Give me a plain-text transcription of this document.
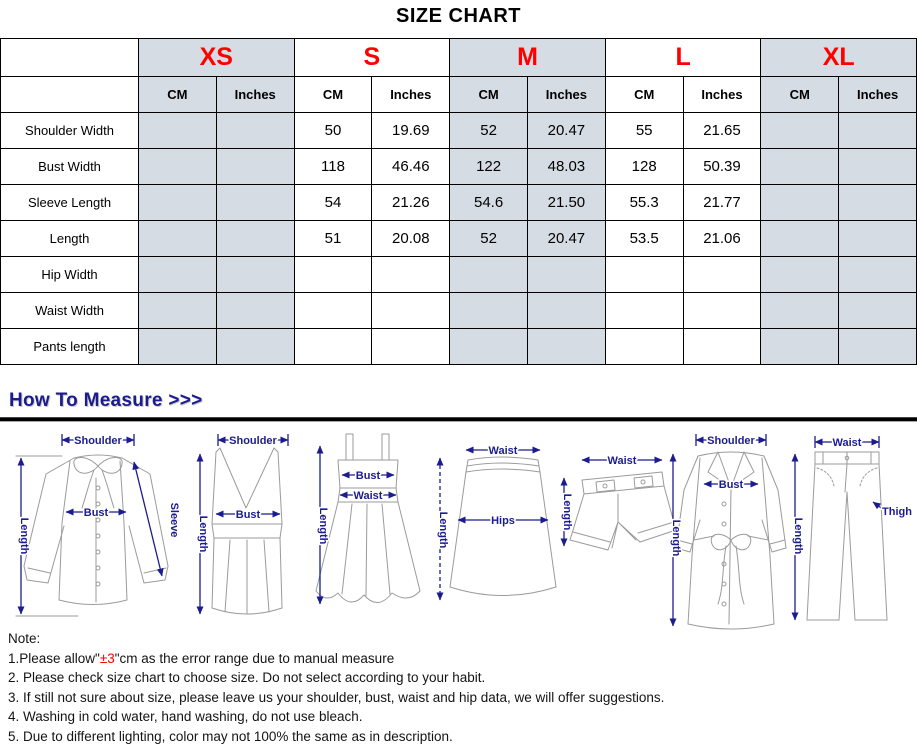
SIZE CHART
	XS		S		M		L		XL	
	CM	Inches	CM	Inches	CM	Inches	CM	Inches	CM	Inches
Shoulder Width			50	19.69	52	20.47	55	21.65		
Bust Width			118	46.46	122	48.03	128	50.39		
Sleeve Length			54	21.26	54.6	21.50	55.3	21.77		
Length			51	20.08	52	20.47	53.5	21.06		
Hip Width										
Waist Width										
Pants length										
How To Measure >>>
Shoulder
Bust	Sleeve
Length
Shoulder
Bust
Length
Bust
Waist
Length
Waist
Hips
Length
Waist
Length
Shoulder
Bust
Length
Waist
Thigh
Length
Note:
1.Please allow"±3"cm as the error range due to manual measure
2. Please check size chart to choose size. Do not select according to your habit.
3. If still not sure about size, please leave us your shoulder, bust, waist and hip data, we will offer suggestions.
4. Washing in cold water, hand washing, do not use bleach.
5. Due to different lighting, color may not 100% the same as in description.
